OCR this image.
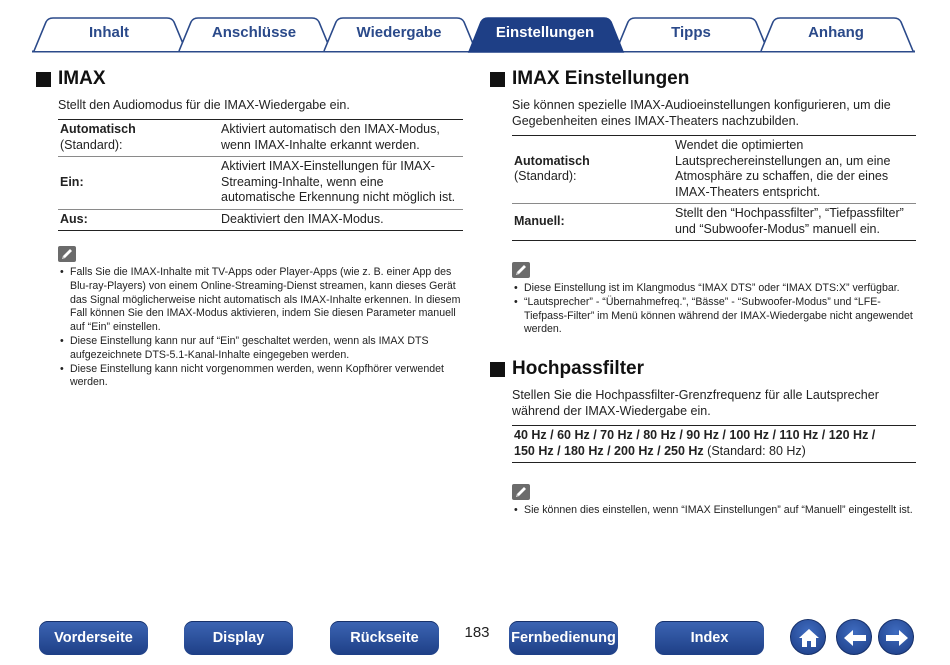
Inhalt	Anschlüsse	Wiedergabe	Einstellungen	Tipps	Anhang
IMAX

Stellt den Audiomodus für die IMAX-Wiedergabe ein.

Automatisch
(Standard):	Aktiviert automatisch den IMAX-Modus, wenn IMAX-Inhalte erkannt werden.
Ein:	Aktiviert IMAX-Einstellungen für IMAX-Streaming-Inhalte, wenn eine automatische Erkennung nicht möglich ist.
Aus:	Deaktiviert den IMAX-Modus.
• Falls Sie die IMAX-Inhalte mit TV-Apps oder Player-Apps (wie z. B. einer App des Blu-ray-Players) von einem Online-Streaming-Dienst streamen, kann dieses Gerät das Signal möglicherweise nicht automatisch als IMAX-Inhalte erkennen. In diesem Fall können Sie den IMAX-Modus aktivieren, indem Sie diesen Parameter manuell auf “Ein” einstellen.
• Diese Einstellung kann nur auf “Ein” geschaltet werden, wenn als IMAX DTS aufgezeichnete DTS-5.1-Kanal-Inhalte eingegeben werden.
• Diese Einstellung kann nicht vorgenommen werden, wenn Kopfhörer verwendet werden.
IMAX Einstellungen

Sie können spezielle IMAX-Audioeinstellungen konfigurieren, um die Gegebenheiten eines IMAX-Theaters nachzubilden.

Automatisch
(Standard):	Wendet die optimierten Lautsprechereinstellungen an, um eine Atmosphäre zu schaffen, die der eines IMAX-Theaters entspricht.
Manuell:	Stellt den “Hochpassfilter”, “Tiefpassfilter” und “Subwoofer-Modus” manuell ein.
• Diese Einstellung ist im Klangmodus “IMAX DTS” oder “IMAX DTS:X” verfügbar.
• “Lautsprecher” - “Übernahmefreq.”, “Bässe” - “Subwoofer-Modus” und “LFE-Tiefpass-Filter” im Menü können während der IMAX-Wiedergabe nicht angewendet werden.
Hochpassfilter

Stellen Sie die Hochpassfilter-Grenzfrequenz für alle Lautsprecher während der IMAX-Wiedergabe ein.

40 Hz / 60 Hz / 70 Hz / 80 Hz / 90 Hz / 100 Hz / 110 Hz / 120 Hz /
150 Hz / 180 Hz / 200 Hz / 250 Hz (Standard: 80 Hz)
• Sie können dies einstellen, wenn “IMAX Einstellungen” auf “Manuell” eingestellt ist.
Vorderseite	Display	Rückseite	183	Fernbedienung	Index
